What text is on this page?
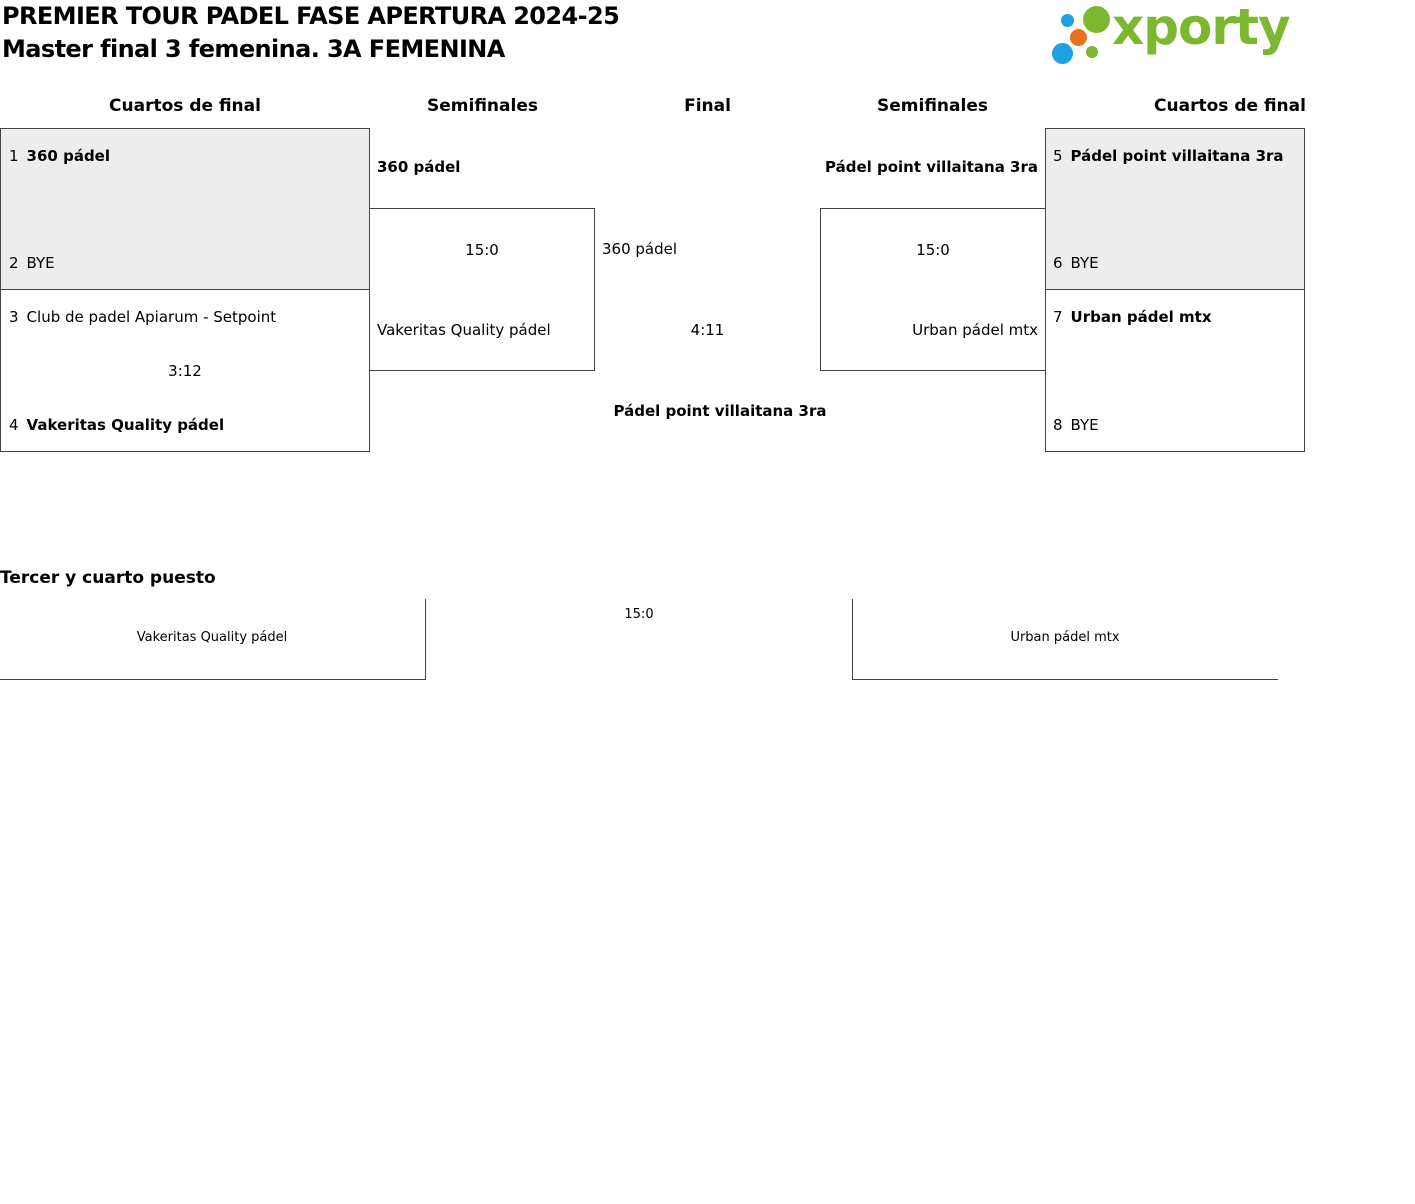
PREMIER TOUR PADEL FASE APERTURA 2024-25
Master final 3 femenina. 3A FEMENINA	xporty
Cuartos de final	Semifinales	Final	Semifinales	Cuartos de final
1 360 pádel
2 BYE
3 Club de padel Apiarum - Setpoint
3:12
4 Vakeritas Quality pádel
360 pádel
15:0
Vakeritas Quality pádel
360 pádel
4:11
Pádel point villaitana 3ra
Pádel point villaitana 3ra
15:0
Urban pádel mtx
5 Pádel point villaitana 3ra
6 BYE
7 Urban pádel mtx
8 BYE
Tercer y cuarto puesto
Vakeritas Quality pádel
15:0
Urban pádel mtx
